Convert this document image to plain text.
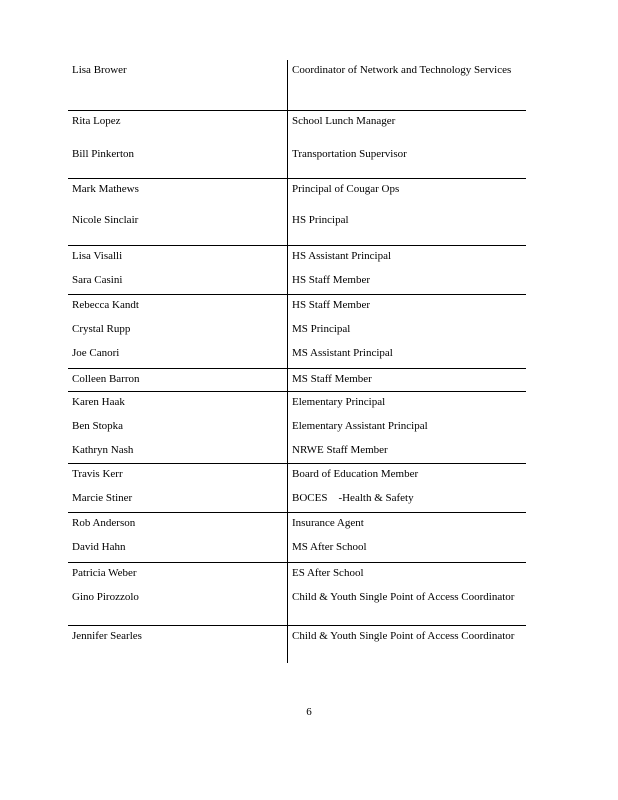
Lisa Brower	Coordinator of Network and Technology Services
Rita Lopez	School Lunch Manager
Bill Pinkerton	Transportation Supervisor
Mark Mathews	Principal of Cougar Ops
Nicole Sinclair	HS Principal
Lisa Visalli	HS Assistant Principal
Sara Casini	HS Staff Member
Rebecca Kandt	HS Staff Member
Crystal Rupp	MS Principal
Joe Canori	MS Assistant Principal
Colleen Barron	MS Staff Member
Karen Haak	Elementary Principal
Ben Stopka	Elementary Assistant Principal
Kathryn Nash	NRWE Staff Member
Travis Kerr	Board of Education Member
Marcie Stiner	BOCES    -Health & Safety
Rob Anderson	Insurance Agent
David Hahn	MS After School
Patricia Weber	ES After School
Gino Pirozzolo	Child & Youth Single Point of Access Coordinator
Jennifer Searles	Child & Youth Single Point of Access Coordinator
6
